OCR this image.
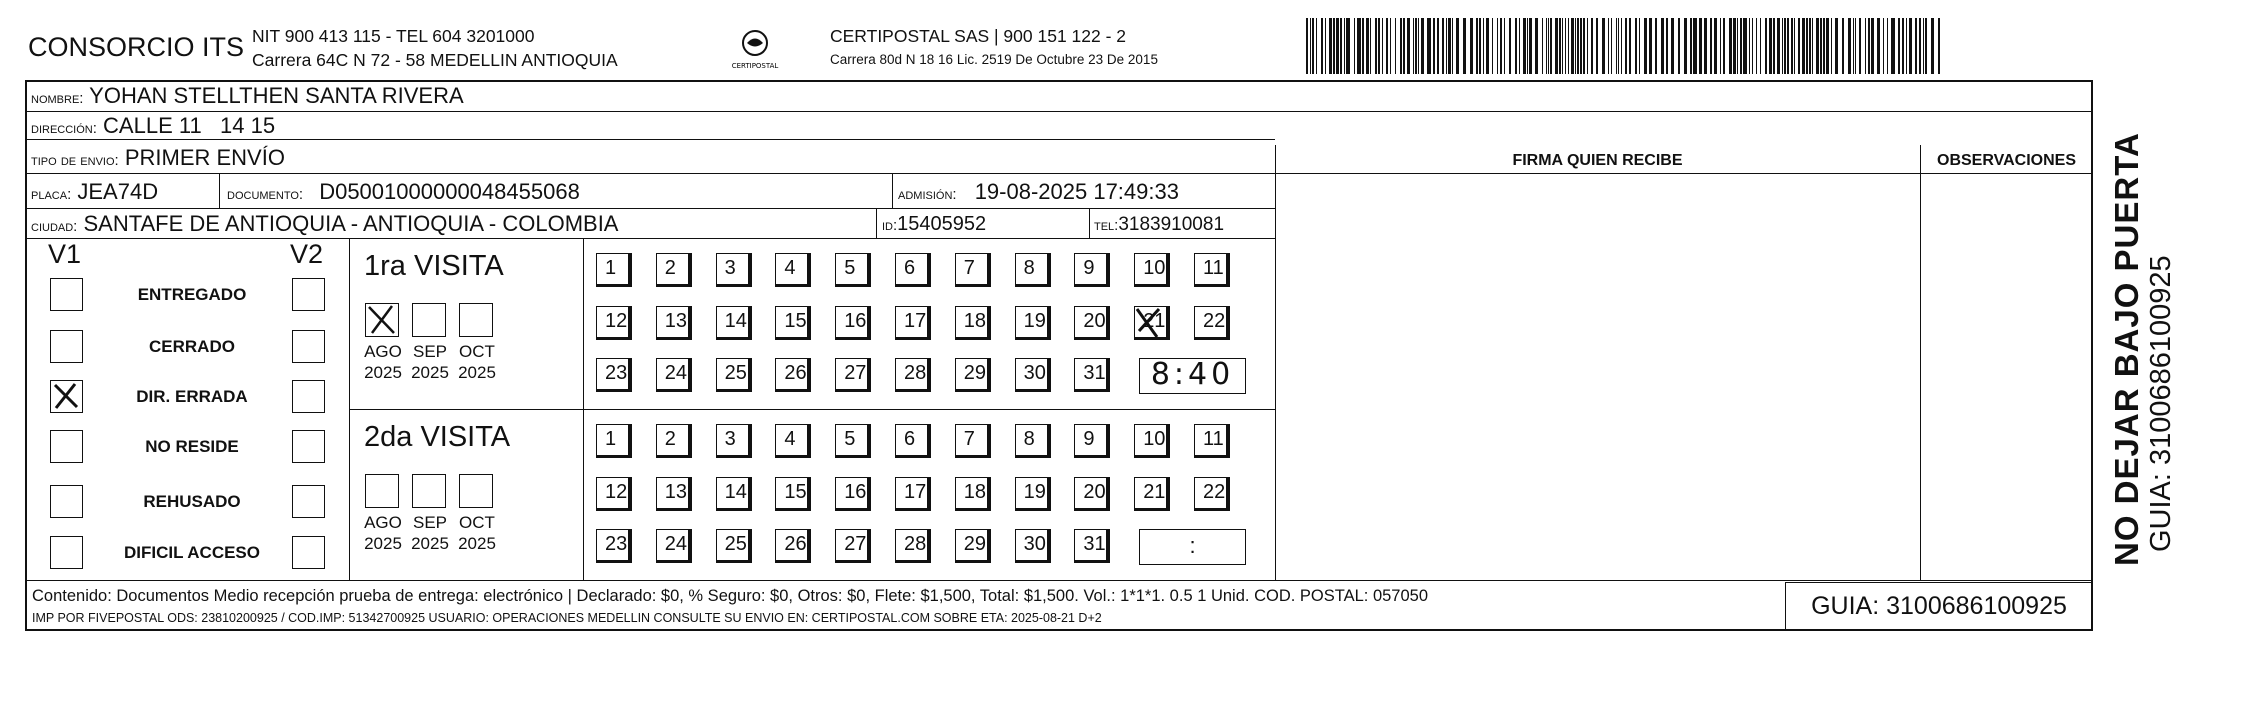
CONSORCIO ITS NIT 900 413 115 - TEL 604 3201000
Carrera 64C N 72 - 58 MEDELLIN ANTIOQUIA	CERTIPOSTAL
CERTIPOSTAL SAS | 900 151 122 - 2
Carrera 80d N 18 16 Lic. 2519 De Octubre 23 De 2015
nombre: YOHAN STELLTHEN SANTA RIVERA
dirección: CALLE 11   14 15
tipo de envio: PRIMER ENVÍO	FIRMA QUIEN RECIBE	OBSERVACIONES
placa: JEA74D	documento: D05001000000048455068	admisión: 19-08-2025 17:49:33
ciudad: SANTAFE DE ANTIOQUIA - ANTIOQUIA - COLOMBIA	id:15405952	tel:3183910081
V1	V2
ENTREGADO
CERRADO
DIR. ERRADA
NO RESIDE
REHUSADO
DIFICIL ACCESO
1ra VISITA
AGO
2025
SEP
2025
OCT
2025
1	2	3	4	5	6	7	8	9	10	11
12	13	14	15	16	17	18	19	20	21	22
23	24	25	26	27	28	29	30	31	8:40
2da VISITA
AGO
2025
SEP
2025
OCT
2025
1	2	3	4	5	6	7	8	9	10	11
12	13	14	15	16	17	18	19	20	21	22
23	24	25	26	27	28	29	30	31	:
Contenido: Documentos Medio recepción prueba de entrega: electrónico | Declarado: $0, % Seguro: $0, Otros: $0, Flete: $1,500, Total: $1,500. Vol.: 1*1*1. 0.5 1 Unid. COD. POSTAL: 057050
IMP POR FIVEPOSTAL ODS: 23810200925 / COD.IMP: 51342700925 USUARIO: OPERACIONES MEDELLIN CONSULTE SU ENVIO EN: CERTIPOSTAL.COM SOBRE ETA: 2025-08-21 D+2	GUIA: 3100686100925
NO DEJAR BAJO PUERTA GUIA: 3100686100925
